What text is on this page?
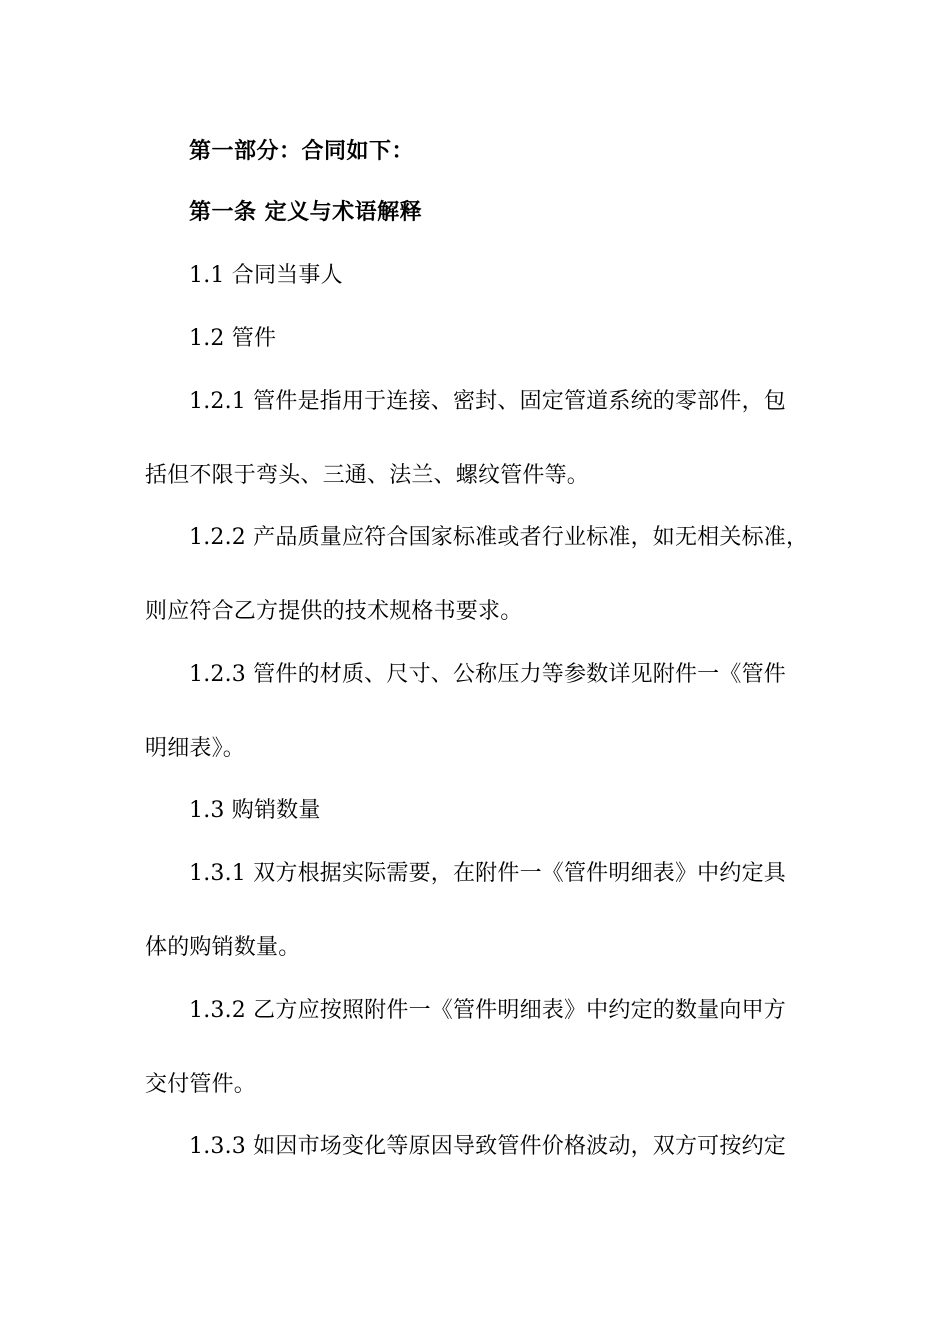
第一部分：合同如下：

第一条 定义与术语解释

1.1 合同当事人

1.2 管件

1.2.1 管件是指用于连接、密封、固定管道系统的零部件，包

括但不限于弯头、三通、法兰、螺纹管件等。

1.2.2 产品质量应符合国家标准或者行业标准，如无相关标准，

则应符合乙方提供的技术规格书要求。

1.2.3 管件的材质、尺寸、公称压力等参数详见附件一《管件

明细表》。

1.3 购销数量

1.3.1 双方根据实际需要，在附件一《管件明细表》中约定具

体的购销数量。

1.3.2 乙方应按照附件一《管件明细表》中约定的数量向甲方

交付管件。

1.3.3 如因市场变化等原因导致管件价格波动，双方可按约定
